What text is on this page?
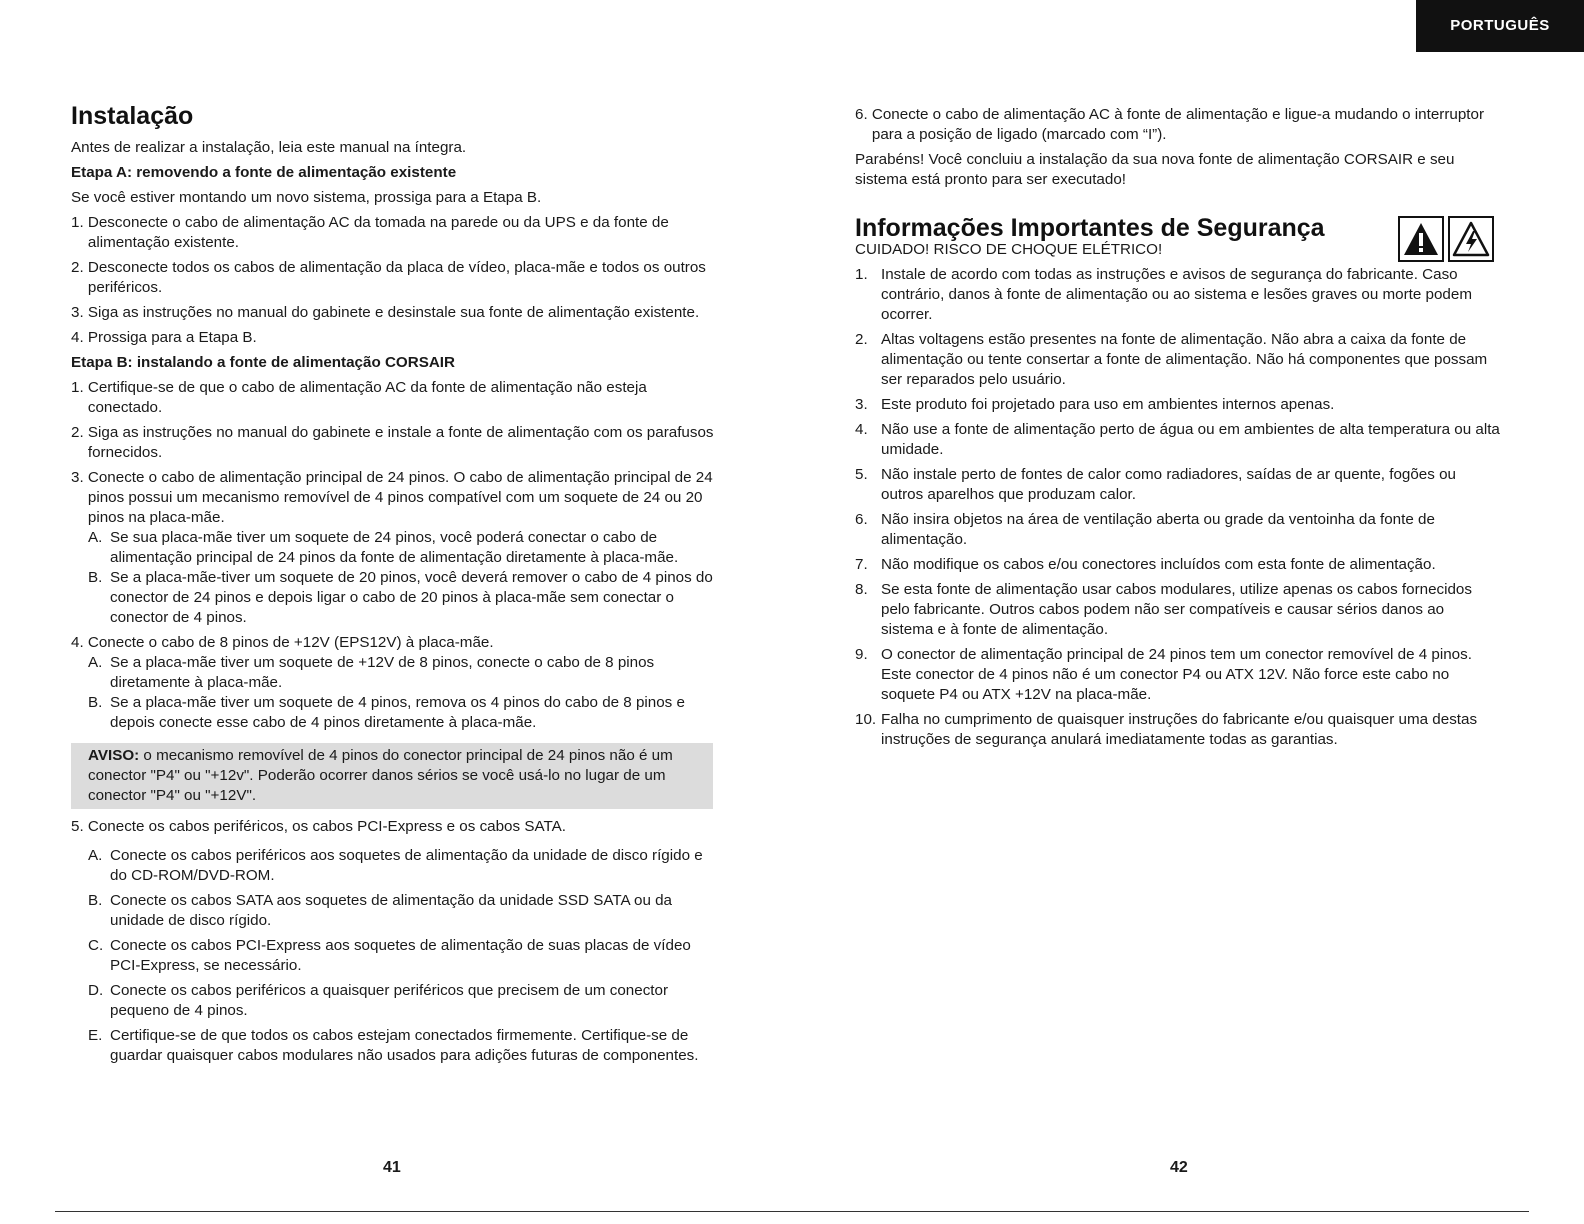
PORTUGUÊS
Instalação

Antes de realizar a instalação, leia este manual na íntegra.

Etapa A: removendo a fonte de alimentação existente

Se você estiver montando um novo sistema, prossiga para a Etapa B.

1. Desconecte o cabo de alimentação AC da tomada na parede ou da UPS e da fonte de alimentação existente.
2. Desconecte todos os cabos de alimentação da placa de vídeo, placa-mãe e todos os outros periféricos.
3. Siga as instruções no manual do gabinete e desinstale sua fonte de alimentação existente.
4. Prossiga para a Etapa B.

Etapa B: instalando a fonte de alimentação CORSAIR

1. Certifique-se de que o cabo de alimentação AC da fonte de alimentação não esteja conectado.
2. Siga as instruções no manual do gabinete e instale a fonte de alimentação com os parafusos fornecidos.
3. Conecte o cabo de alimentação principal de 24 pinos. O cabo de alimentação principal de 24 pinos possui um mecanismo removível de 4 pinos compatível com um soquete de 24 ou 20 pinos na placa-mãe.
A. Se sua placa-mãe tiver um soquete de 24 pinos, você poderá conectar o cabo de alimentação principal de 24 pinos da fonte de alimentação diretamente à placa-mãe.
B. Se a placa-mãe-tiver um soquete de 20 pinos, você deverá remover o cabo de 4 pinos do conector de 24 pinos e depois ligar o cabo de 20 pinos à placa-mãe sem conectar o conector de 4 pinos.
4. Conecte o cabo de 8 pinos de +12V (EPS12V) à placa-mãe.
A. Se a placa-mãe tiver um soquete de +12V de 8 pinos, conecte o cabo de 8 pinos diretamente à placa-mãe.
B. Se a placa-mãe tiver um soquete de 4 pinos, remova os 4 pinos do cabo de 8 pinos e depois conecte esse cabo de 4 pinos diretamente à placa-mãe.
AVISO: o mecanismo removível de 4 pinos do conector principal de 24 pinos não é um conector "P4" ou "+12v". Poderão ocorrer danos sérios se você usá-lo no lugar de um conector "P4" ou "+12V".
5. Conecte os cabos periféricos, os cabos PCI-Express e os cabos SATA.
A. Conecte os cabos periféricos aos soquetes de alimentação da unidade de disco rígido e do CD-ROM/DVD-ROM.
B. Conecte os cabos SATA aos soquetes de alimentação da unidade SSD SATA ou da unidade de disco rígido.
C. Conecte os cabos PCI-Express aos soquetes de alimentação de suas placas de vídeo PCI-Express, se necessário.
D. Conecte os cabos periféricos a quaisquer periféricos que precisem de um conector pequeno de 4 pinos.
E. Certifique-se de que todos os cabos estejam conectados firmemente. Certifique-se de guardar quaisquer cabos modulares não usados para adições futuras de componentes.
6. Conecte o cabo de alimentação AC à fonte de alimentação e ligue-a mudando o interruptor para a posição de ligado (marcado com “I”).

Parabéns! Você concluiu a instalação da sua nova fonte de alimentação CORSAIR e seu sistema está pronto para ser executado!

Informações Importantes de Segurança

CUIDADO! RISCO DE CHOQUE ELÉTRICO!

1. Instale de acordo com todas as instruções e avisos de segurança do fabricante. Caso contrário, danos à fonte de alimentação ou ao sistema e lesões graves ou morte podem ocorrer.
2. Altas voltagens estão presentes na fonte de alimentação. Não abra a caixa da fonte de alimentação ou tente consertar a fonte de alimentação. Não há componentes que possam ser reparados pelo usuário.
3. Este produto foi projetado para uso em ambientes internos apenas.
4. Não use a fonte de alimentação perto de água ou em ambientes de alta temperatura ou alta umidade.
5. Não instale perto de fontes de calor como radiadores, saídas de ar quente, fogões ou outros aparelhos que produzam calor.
6. Não insira objetos na área de ventilação aberta ou grade da ventoinha da fonte de alimentação.
7. Não modifique os cabos e/ou conectores incluídos com esta fonte de alimentação.
8. Se esta fonte de alimentação usar cabos modulares, utilize apenas os cabos fornecidos pelo fabricante. Outros cabos podem não ser compatíveis e causar sérios danos ao sistema e à fonte de alimentação.
9. O conector de alimentação principal de 24 pinos tem um conector removível de 4 pinos. Este conector de 4 pinos não é um conector P4 ou ATX 12V. Não force este cabo no soquete P4 ou ATX +12V na placa-mãe.
10. Falha no cumprimento de quaisquer instruções do fabricante e/ou quaisquer uma destas instruções de segurança anulará imediatamente todas as garantias.
41	42
